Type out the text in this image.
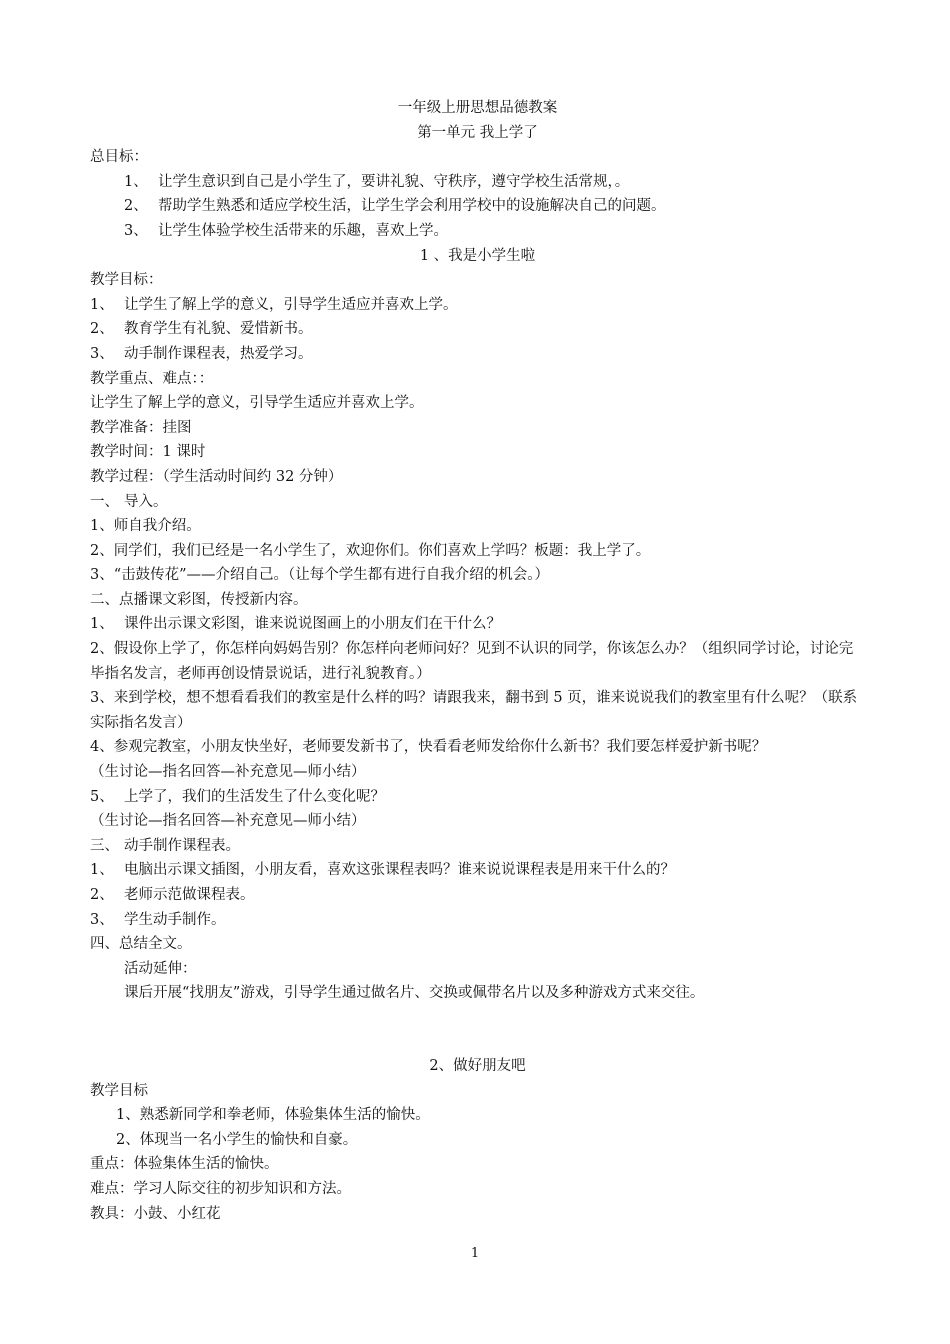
一年级上册思想品德教案
第一单元 我上学了
总目标：
1、 让学生意识到自己是小学生了，要讲礼貌、守秩序，遵守学校生活常规，。
2、 帮助学生熟悉和适应学校生活，让学生学会利用学校中的设施解决自己的问题。
3、 让学生体验学校生活带来的乐趣，喜欢上学。
1 、我是小学生啦
教学目标：
1、 让学生了解上学的意义，引导学生适应并喜欢上学。
2、 教育学生有礼貌、爱惜新书。
3、 动手制作课程表，热爱学习。
教学重点、难点：：
让学生了解上学的意义，引导学生适应并喜欢上学。
教学准备：挂图
教学时间：1 课时
教学过程：（学生活动时间约 32 分钟）
一、 导入。
1、师自我介绍。
2、同学们，我们已经是一名小学生了，欢迎你们。你们喜欢上学吗？板题：我上学了。
3、“击鼓传花”——介绍自己。（让每个学生都有进行自我介绍的机会。）
二、点播课文彩图，传授新内容。
1、 课件出示课文彩图，谁来说说图画上的小朋友们在干什么？
2、假设你上学了，你怎样向妈妈告别？你怎样向老师问好？见到不认识的同学，你该怎么办？（组织同学讨论，讨论完毕指名发言，老师再创设情景说话，进行礼貌教育。）
3、来到学校，想不想看看我们的教室是什么样的吗？请跟我来，翻书到 5 页，谁来说说我们的教室里有什么呢？（联系实际指名发言）
4、参观完教室，小朋友快坐好，老师要发新书了，快看看老师发给你什么新书？我们要怎样爱护新书呢？
（生讨论—指名回答—补充意见—师小结）
5、 上学了，我们的生活发生了什么变化呢？
（生讨论—指名回答—补充意见—师小结）
三、 动手制作课程表。
1、 电脑出示课文插图，小朋友看，喜欢这张课程表吗？谁来说说课程表是用来干什么的？
2、 老师示范做课程表。
3、 学生动手制作。
四、总结全文。
活动延伸：
课后开展“找朋友”游戏，引导学生通过做名片、交换或佩带名片以及多种游戏方式来交往。
2、做好朋友吧
教学目标
1、熟悉新同学和拳老师，体验集体生活的愉快。
2、体现当一名小学生的愉快和自豪。
重点：体验集体生活的愉快。
难点：学习人际交往的初步知识和方法。
教具：小鼓、小红花
1
